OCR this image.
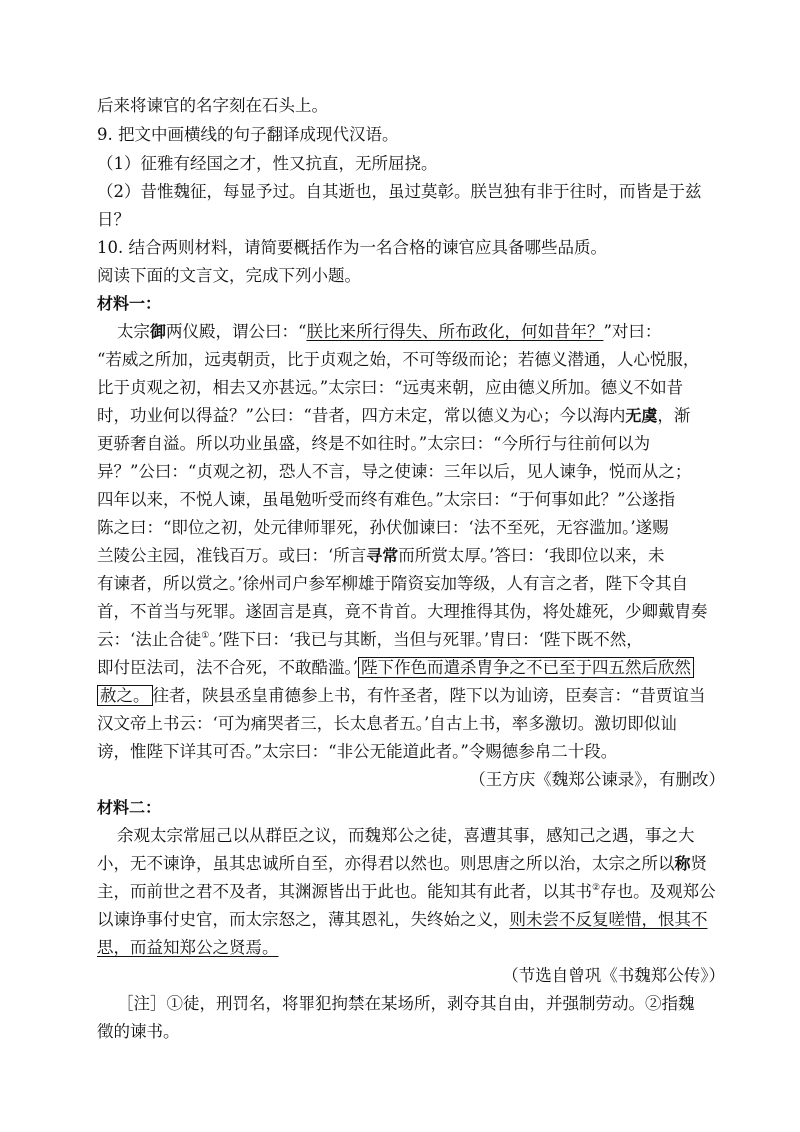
后来将谏官的名字刻在石头上。
9. 把文中画横线的句子翻译成现代汉语。
（1）征雅有经国之才，性又抗直，无所屈挠。
（2）昔惟魏征，每显予过。自其逝也，虽过莫彰。朕岂独有非于往时，而皆是于兹
日？
10. 结合两则材料，请简要概括作为一名合格的谏官应具备哪些品质。
阅读下面的文言文，完成下列小题。
材料一：
太宗御两仪殿，谓公曰：“朕比来所行得失、所布政化，何如昔年？”对曰：
“若威之所加，远夷朝贡，比于贞观之始，不可等级而论；若德义潜通，人心悦服，
比于贞观之初，相去又亦甚远。”太宗曰：“远夷来朝，应由德义所加。德义不如昔
时，功业何以得益？”公曰：“昔者，四方未定，常以德义为心；今以海内无虞，渐
更骄奢自溢。所以功业虽盛，终是不如往时。”太宗曰：“今所行与往前何以为
异？”公曰：“贞观之初，恐人不言，导之使谏：三年以后，见人谏争，悦而从之；
四年以来，不悦人谏，虽黾勉听受而终有难色。”太宗曰：“于何事如此？”公遂指
陈之曰：“即位之初，处元律师罪死，孙伏伽谏曰：‘法不至死，无容滥加。’遂赐
兰陵公主园，准钱百万。或曰：‘所言寻常而所赏太厚。’答曰：‘我即位以来，未
有谏者，所以赏之。’徐州司户参军柳雄于隋资妄加等级，人有言之者，陛下令其自
首，不首当与死罪。遂固言是真，竟不肯首。大理推得其伪，将处雄死，少卿戴胄奏
云：‘法止合徒①。’陛下曰：‘我已与其断，当但与死罪。’胄曰：‘陛下既不然，
即付臣法司，法不合死，不敢酷滥。’ 陛下作色而遣杀胄争之不已至于四五然后欣然
赦之。 往者，陕县丞皇甫德参上书，有忤圣者，陛下以为讪谤，臣奏言：“昔贾谊当
汉文帝上书云：‘可为痛哭者三，长太息者五。’自古上书，率多激切。激切即似讪
谤，惟陛下详其可否。”太宗曰：“非公无能道此者。”令赐德参帛二十段。
（王方庆《魏郑公谏录》，有删改）
材料二：
余观太宗常屈己以从群臣之议，而魏郑公之徒，喜遭其事，感知己之遇，事之大
小，无不谏诤，虽其忠诚所自至，亦得君以然也。则思唐之所以治，太宗之所以称贤
主，而前世之君不及者，其渊源皆出于此也。能知其有此者，以其书②存也。及观郑公
以谏诤事付史官，而太宗怒之，薄其恩礼，失终始之义，则未尝不反复嗟惜，恨其不
思，而益知郑公之贤焉。
（节选自曾巩《书魏郑公传》）
［注］①徒，刑罚名，将罪犯拘禁在某场所，剥夺其自由，并强制劳动。②指魏
徵的谏书。
